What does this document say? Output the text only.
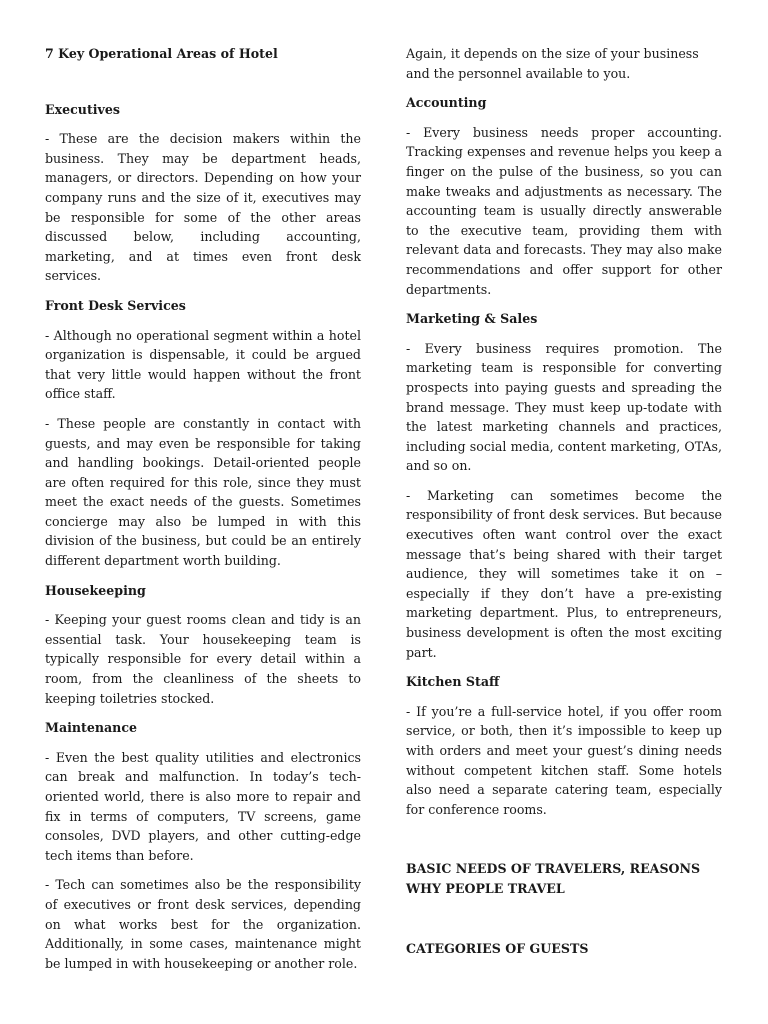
7 Key Operational Areas of Hotel
Executives
- These are the decision makers within the business. They may be department heads, managers, or directors. Depending on how your company runs and the size of it, executives may be responsible for some of the other areas discussed below, including accounting, marketing, and at times even front desk services.
Front Desk Services
- Although no operational segment within a hotel organization is dispensable, it could be argued that very little would happen without the front office staff.
- These people are constantly in contact with guests, and may even be responsible for taking and handling bookings. Detail-oriented people are often required for this role, since they must meet the exact needs of the guests. Sometimes concierge may also be lumped in with this division of the business, but could be an entirely different department worth building.
Housekeeping
- Keeping your guest rooms clean and tidy is an essential task. Your housekeeping team is typically responsible for every detail within a room, from the cleanliness of the sheets to keeping toiletries stocked.
Maintenance
- Even the best quality utilities and electronics can break and malfunction. In today’s tech-oriented world, there is also more to repair and fix in terms of computers, TV screens, game consoles, DVD players, and other cutting-edge tech items than before.
- Tech can sometimes also be the responsibility of executives or front desk services, depending on what works best for the organization. Additionally, in some cases, maintenance might be lumped in with housekeeping or another role.
Again, it depends on the size of your business and the personnel available to you.
Accounting
- Every business needs proper accounting. Tracking expenses and revenue helps you keep a finger on the pulse of the business, so you can make tweaks and adjustments as necessary. The accounting team is usually directly answerable to the executive team, providing them with relevant data and forecasts. They may also make recommendations and offer support for other departments.
Marketing & Sales
- Every business requires promotion. The marketing team is responsible for converting prospects into paying guests and spreading the brand message. They must keep up-todate with the latest marketing channels and practices, including social media, content marketing, OTAs, and so on.
- Marketing can sometimes become the responsibility of front desk services. But because executives often want control over the exact message that’s being shared with their target audience, they will sometimes take it on – especially if they don’t have a pre-existing marketing department. Plus, to entrepreneurs, business development is often the most exciting part.
Kitchen Staff
- If you’re a full-service hotel, if you offer room service, or both, then it’s impossible to keep up with orders and meet your guest’s dining needs without competent kitchen staff. Some hotels also need a separate catering team, especially for conference rooms.
BASIC NEEDS OF TRAVELERS, REASONS WHY PEOPLE TRAVEL
CATEGORIES OF GUESTS
